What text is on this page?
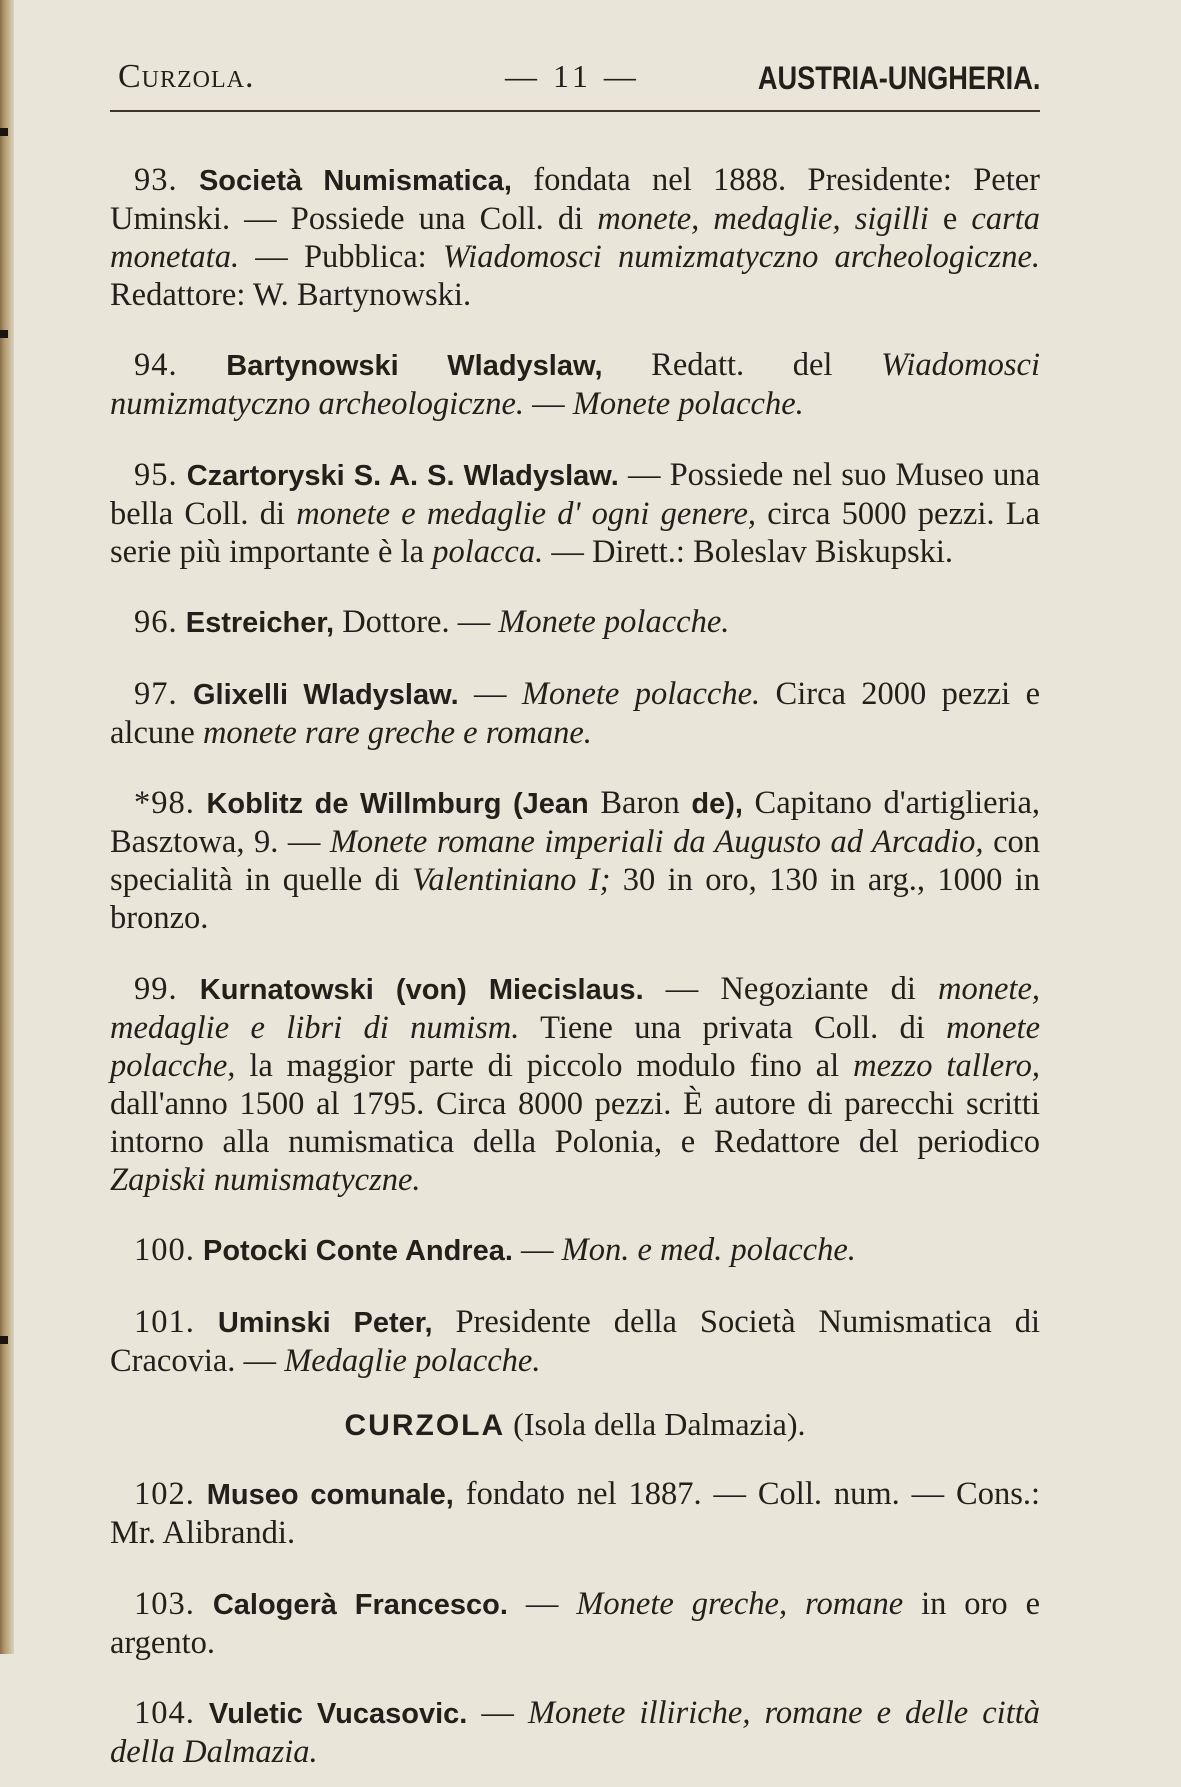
Curzola.	— 11 —	AUSTRIA-UNGHERIA.

93. Società Numismatica, fondata nel 1888. Presidente: Peter Uminski. — Possiede una Coll. di monete, medaglie, sigilli e carta monetata. — Pubblica: Wiadomosci numizmatyczno archeologiczne. Redattore: W. Bartynowski.

94. Bartynowski Wladyslaw, Redatt. del Wiadomosci numizmatyczno archeologiczne. — Monete polacche.

95. Czartoryski S. A. S. Wladyslaw. — Possiede nel suo Museo una bella Coll. di monete e medaglie d' ogni genere, circa 5000 pezzi. La serie più importante è la polacca. — Dirett.: Boleslav Biskupski.

96. Estreicher, Dottore. — Monete polacche.

97. Glixelli Wladyslaw. — Monete polacche. Circa 2000 pezzi e alcune monete rare greche e romane.

*98. Koblitz de Willmburg (Jean Baron de), Capitano d'artiglieria, Basztowa, 9. — Monete romane imperiali da Augusto ad Arcadio, con specialità in quelle di Valentiniano I; 30 in oro, 130 in arg., 1000 in bronzo.

99. Kurnatowski (von) Miecislaus. — Negoziante di monete, medaglie e libri di numism. Tiene una privata Coll. di monete polacche, la maggior parte di piccolo modulo fino al mezzo tallero, dall'anno 1500 al 1795. Circa 8000 pezzi. È autore di parecchi scritti intorno alla numismatica della Polonia, e Redattore del periodico Zapiski numismatyczne.

100. Potocki Conte Andrea. — Mon. e med. polacche.

101. Uminski Peter, Presidente della Società Numismatica di Cracovia. — Medaglie polacche.

CURZOLA (Isola della Dalmazia).

102. Museo comunale, fondato nel 1887. — Coll. num. — Cons.: Mr. Alibrandi.

103. Calogerà Francesco. — Monete greche, romane in oro e argento.

104. Vuletic Vucasovic. — Monete illiriche, romane e delle città della Dalmazia.
